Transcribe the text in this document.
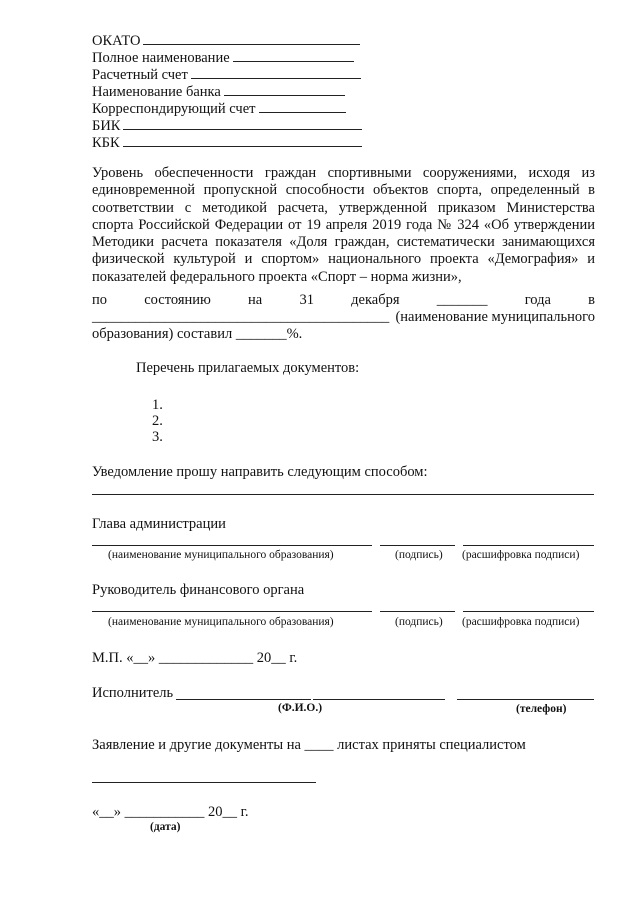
ОКАТО
Полное наименование
Расчетный счет
Наименование банка
Корреспондирующий счет
БИК
КБК
Уровень обеспеченности граждан спортивными сооружениями, исходя из единовременной пропускной способности объектов спорта, определенный в соответствии с методикой расчета, утвержденной приказом Министерства спорта Российской Федерации от 19 апреля 2019 года № 324 «Об утверждении Методики расчета показателя «Доля граждан, систематически занимающихся физической культурой и спортом» национального проекта «Демография» и показателей федерального проекта «Спорт – норма жизни»,
по	состоянию	на	31	декабря	_______	года	в
_________________________________________ (наименование муниципального
образования) составил _______%.
Перечень прилагаемых документов:
1.
2.
3.
Уведомление прошу направить следующим способом:
Глава администрации
(наименование муниципального образования)	(подпись) (расшифровка подписи)
Руководитель финансового органа
(наименование муниципального образования)	(подпись) (расшифровка подписи)
М.П. «__» _____________ 20__ г.
Исполнитель
(Ф.И.О.)	(телефон)
Заявление и другие документы на ____ листах приняты специалистом
«__» ___________ 20__ г.
(дата)
